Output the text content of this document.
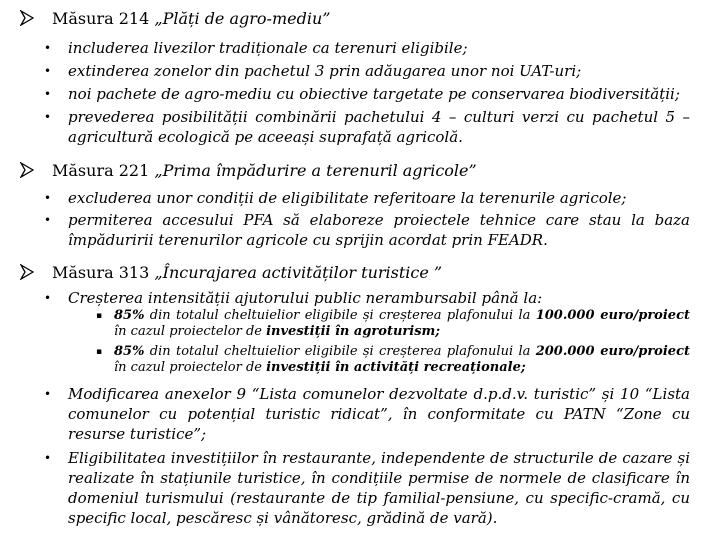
Măsura 214 „Plăți de agro-mediu”
• includerea livezilor tradiționale ca terenuri eligibile;
• extinderea zonelor din pachetul 3 prin adăugarea unor noi UAT-uri;
• noi pachete de agro-mediu cu obiective targetate pe conservarea biodiversității;
• prevederea posibilității combinării pachetului 4 – culturi verzi cu pachetul 5 – agricultură ecologică pe aceeași suprafață agricolă.
Măsura 221 „Prima împădurire a terenuril agricole”
• excluderea unor condiții de eligibilitate referitoare la terenurile agricole;
• permiterea accesului PFA să elaboreze proiectele tehnice care stau la baza împăduririi terenurilor agricole cu sprijin acordat prin FEADR.
Măsura 313 „Încurajarea activităților turistice ”
• Creșterea intensității ajutorului public nerambursabil până la:
▪ 85% din totalul cheltuielior eligibile și creșterea plafonului la 100.000 euro/proiect în cazul proiectelor de investiții în agroturism;
▪ 85% din totalul cheltuielior eligibile și creșterea plafonului la 200.000 euro/proiect în cazul proiectelor de investiții în activități recreaționale;
• Modificarea anexelor 9 “Lista comunelor dezvoltate d.p.d.v. turistic” și 10 “Lista comunelor cu potențial turistic ridicat”, în conformitate cu PATN “Zone cu resurse turistice”;
• Eligibilitatea investițiilor în restaurante, independente de structurile de cazare și realizate în stațiunile turistice, în condițiile permise de normele de clasificare în domeniul turismului (restaurante de tip familial-pensiune, cu specific-cramă, cu specific local, pescăresc și vânătoresc, grădină de vară).
